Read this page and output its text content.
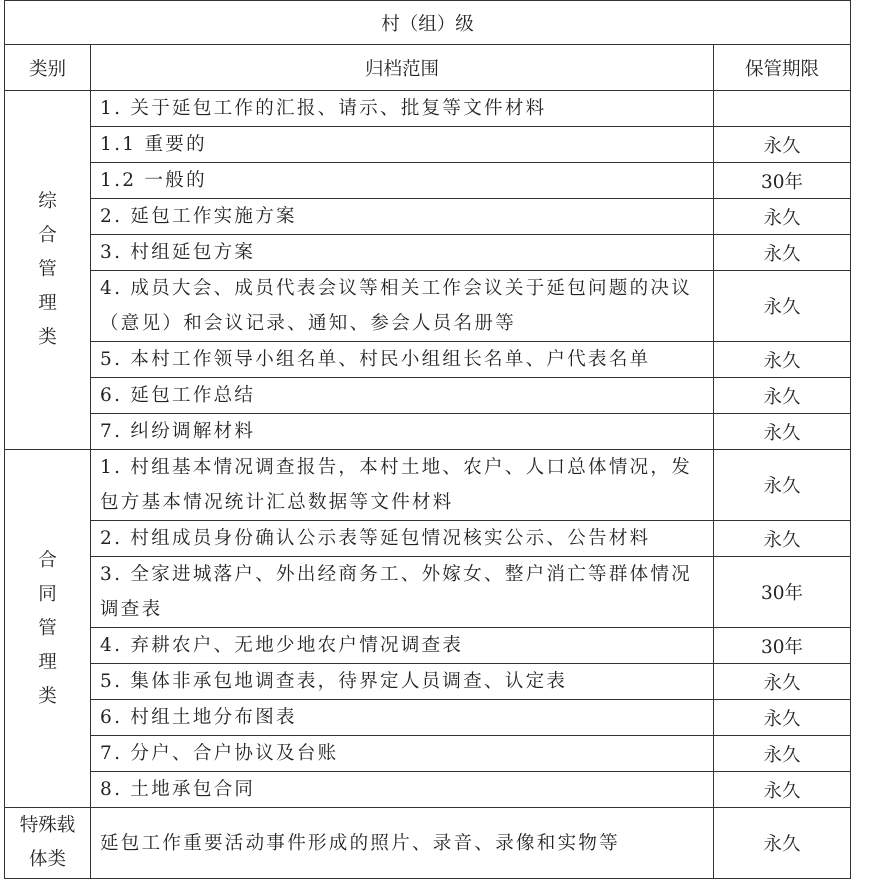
村（组）级		
类别	归档范围	保管期限
综合管理类	1. 关于延包工作的汇报、请示、批复等文件材料	
	1.1 重要的	永久
	1.2 一般的	30年
	2. 延包工作实施方案	永久
	3. 村组延包方案	永久
	4. 成员大会、成员代表会议等相关工作会议关于延包问题的决议（意见）和会议记录、通知、参会人员名册等	永久
	5. 本村工作领导小组名单、村民小组组长名单、户代表名单	永久
	6. 延包工作总结	永久
	7. 纠纷调解材料	永久
合同管理类	1. 村组基本情况调查报告，本村土地、农户、人口总体情况，发包方基本情况统计汇总数据等文件材料	永久
	2. 村组成员身份确认公示表等延包情况核实公示、公告材料	永久
	3. 全家进城落户、外出经商务工、外嫁女、整户消亡等群体情况调查表	30年
	4. 弃耕农户、无地少地农户情况调查表	30年
	5. 集体非承包地调查表，待界定人员调查、认定表	永久
	6. 村组土地分布图表	永久
	7. 分户、合户协议及台账	永久
	8. 土地承包合同	永久
特殊载体类	延包工作重要活动事件形成的照片、录音、录像和实物等	永久
